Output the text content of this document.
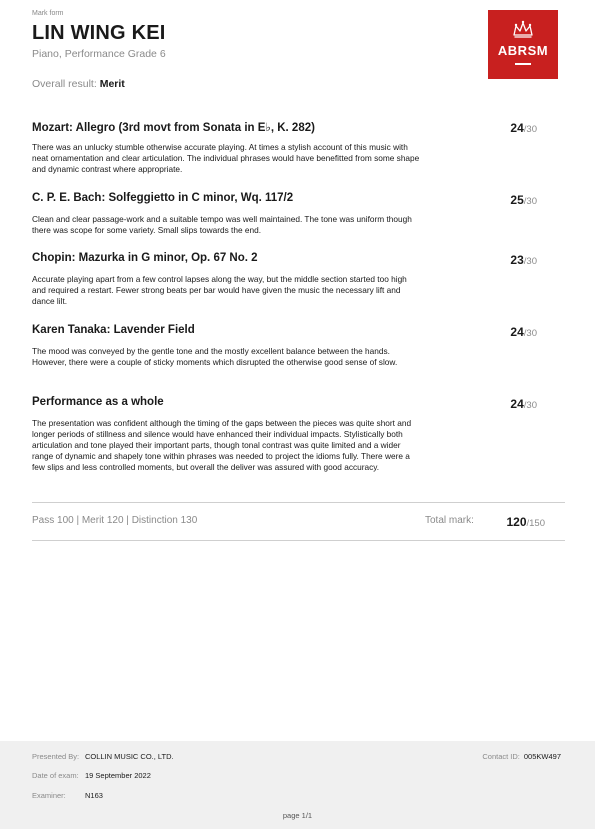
Mark form
LIN WING KEI
Piano, Performance Grade 6
Overall result: Merit
ABRSM
Mozart: Allegro (3rd movt from Sonata in E♭, K. 282)	24/30
There was an unlucky stumble otherwise accurate playing. At times a stylish account of this music with neat ornamentation and clear articulation. The individual phrases would have benefitted from some shape and dynamic contrast where appropriate.
C. P. E. Bach: Solfeggietto in C minor, Wq. 117/2	25/30
Clean and clear passage-work and a suitable tempo was well maintained. The tone was uniform though there was scope for some variety. Small slips towards the end.
Chopin: Mazurka in G minor, Op. 67 No. 2	23/30
Accurate playing apart from a few control lapses along the way, but the middle section started too high and required a restart. Fewer strong beats per bar would have given the music the necessary lift and dance lilt.
Karen Tanaka: Lavender Field	24/30
The mood was conveyed by the gentle tone and the mostly excellent balance between the hands. However, there were a couple of sticky moments which disrupted the otherwise good sense of slow.
Performance as a whole	24/30
The presentation was confident although the timing of the gaps between the pieces was quite short and longer periods of stillness and silence would have enhanced their individual impacts. Stylistically both articulation and tone played their important parts, though tonal contrast was quite limited and a wider range of dynamic and shapely tone within phrases was needed to project the idioms fully. There were a few slips and less controlled moments, but overall the deliver was assured with good accuracy.
Pass 100 | Merit 120 | Distinction 130	Total mark:	120/150
Presented By: COLLIN MUSIC CO., LTD.
Date of exam: 19 September 2022
Examiner:	N163
Contact ID: 005KW497
page 1/1
